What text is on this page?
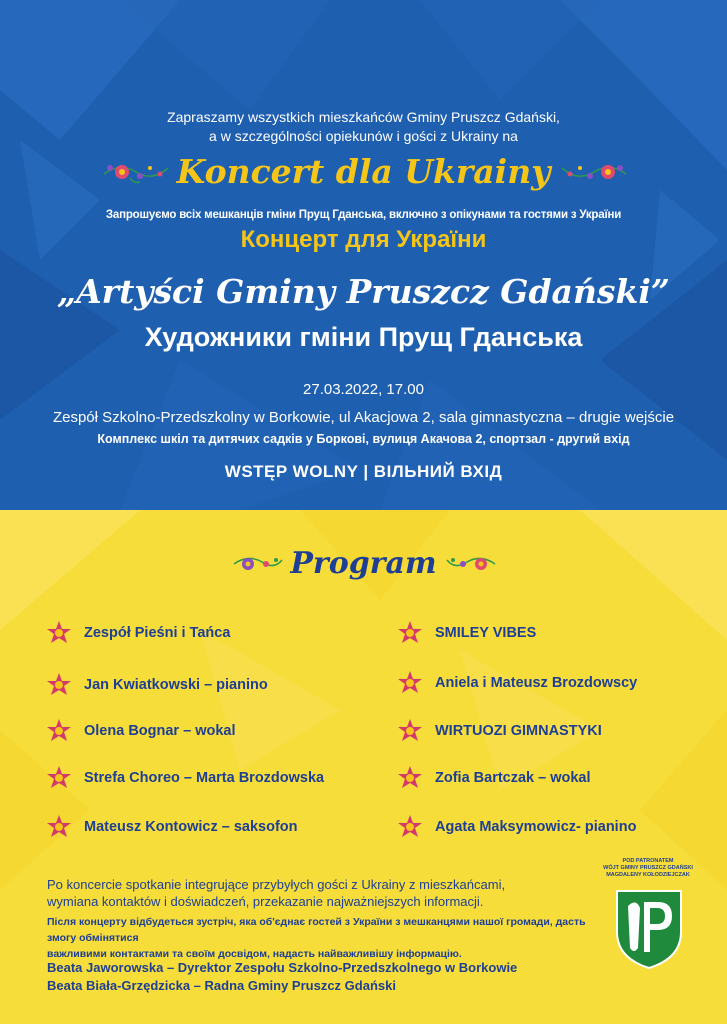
Zapraszamy wszystkich mieszkańców Gminy Pruszcz Gdański,
a w szczególności opiekunów i gości z Ukrainy na
Koncert dla Ukrainy
Запрошуємо всіх мешканців гміни Прущ Гданська, включно з опікунами та гостями з України
Концерт для України
„Artyści Gminy Pruszcz Gdański”
Художники гміни Прущ Гданська
27.03.2022, 17.00
Zespół Szkolno-Przedszkolny w Borkowie, ul Akacjowa 2, sala gimnastyczna – drugie wejście
Комплекс шкіл та дитячих садків у Боркові, вулиця Акачова 2, спортзал - другий вхід
WSTĘP WOLNY | ВІЛЬНИЙ ВХІД
Program
Zespół Pieśni i Tańca
Jan Kwiatkowski – pianino
Olena Bognar – wokal
Strefa Choreo – Marta Brozdowska
Mateusz Kontowicz – saksofon
SMILEY VIBES
Aniela i Mateusz Brozdowscy
WIRTUOZI GIMNASTYKI
Zofia Bartczak – wokal
Agata Maksymowicz- pianino
Po koncercie spotkanie integrujące przybyłych gości z Ukrainy z mieszkańcami,
wymiana kontaktów i doświadczeń, przekazanie najważniejszych informacji.
Після концерту відбудеться зустріч, яка об'єднає гостей з України з мешканцями нашої громади, дасть змогу обмінятися
важливими контактами та своїм досвідом, надасть найважливішу інформацію.
Beata Jaworowska – Dyrektor Zespołu Szkolno-Przedszkolnego w Borkowie
Beata Biała-Grzędzicka – Radna Gminy Pruszcz Gdański
POD PATRONATEM
WÓJT GMINY PRUSZCZ GDAŃSKI
MAGDALENY KOŁODZIEJCZAK
